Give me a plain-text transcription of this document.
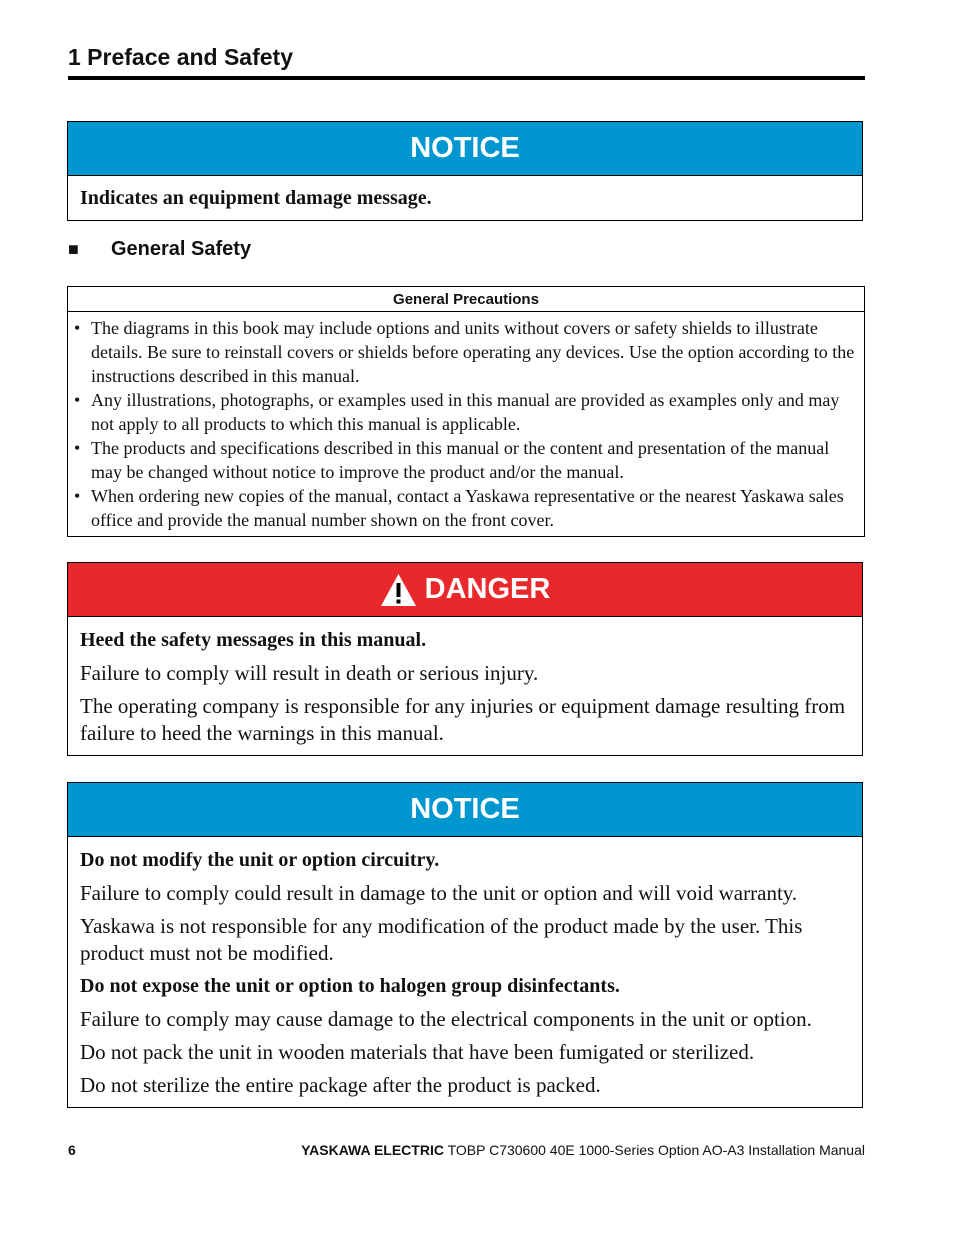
1 Preface and Safety
NOTICE

Indicates an equipment damage message.

■	General Safety
General Precautions
• The diagrams in this book may include options and units without covers or safety shields to illustrate details. Be sure to reinstall covers or shields before operating any devices. Use the option according to the instructions described in this manual.
• Any illustrations, photographs, or examples used in this manual are provided as examples only and may not apply to all products to which this manual is applicable.
• The products and specifications described in this manual or the content and presentation of the manual may be changed without notice to improve the product and/or the manual.
• When ordering new copies of the manual, contact a Yaskawa representative or the nearest Yaskawa sales office and provide the manual number shown on the front cover.
DANGER

Heed the safety messages in this manual.

Failure to comply will result in death or serious injury.

The operating company is responsible for any injuries or equipment damage resulting from failure to heed the warnings in this manual.

NOTICE

Do not modify the unit or option circuitry.

Failure to comply could result in damage to the unit or option and will void warranty.

Yaskawa is not responsible for any modification of the product made by the user. This product must not be modified.

Do not expose the unit or option to halogen group disinfectants.

Failure to comply may cause damage to the electrical components in the unit or option.

Do not pack the unit in wooden materials that have been fumigated or sterilized.

Do not sterilize the entire package after the product is packed.

6	YASKAWA ELECTRIC TOBP C730600 40E 1000-Series Option AO-A3 Installation Manual
